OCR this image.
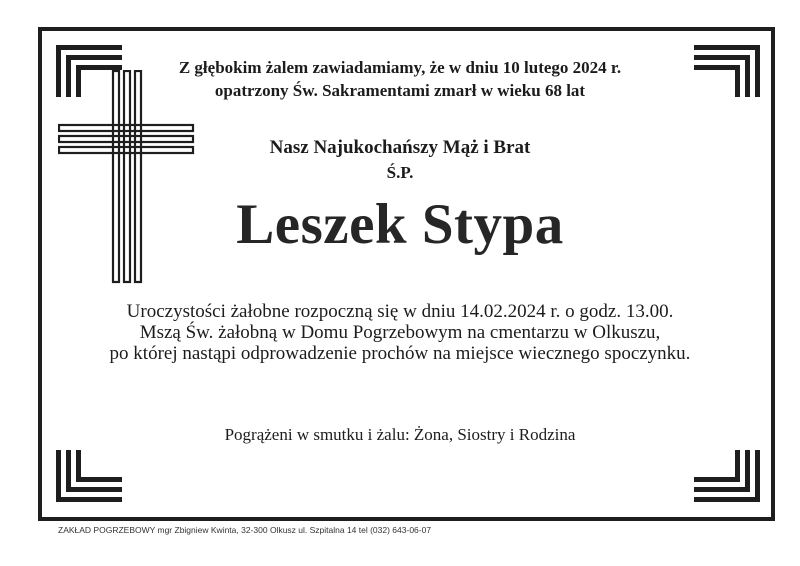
Z głębokim żalem zawiadamiamy, że w dniu 10 lutego 2024 r.
opatrzony Św. Sakramentami zmarł w wieku 68 lat
Nasz Najukochańszy Mąż i Brat
Ś.P.
Leszek Stypa
Uroczystości żałobne rozpoczną się w dniu 14.02.2024 r. o godz. 13.00.
Mszą Św. żałobną w Domu Pogrzebowym na cmentarzu w Olkuszu,
po której nastąpi odprowadzenie prochów na miejsce wiecznego spoczynku.
Pogrążeni w smutku i żalu: Żona, Siostry i Rodzina
ZAKŁAD POGRZEBOWY mgr Zbigniew Kwinta, 32-300 Olkusz ul. Szpitalna 14 tel (032) 643-06-07
